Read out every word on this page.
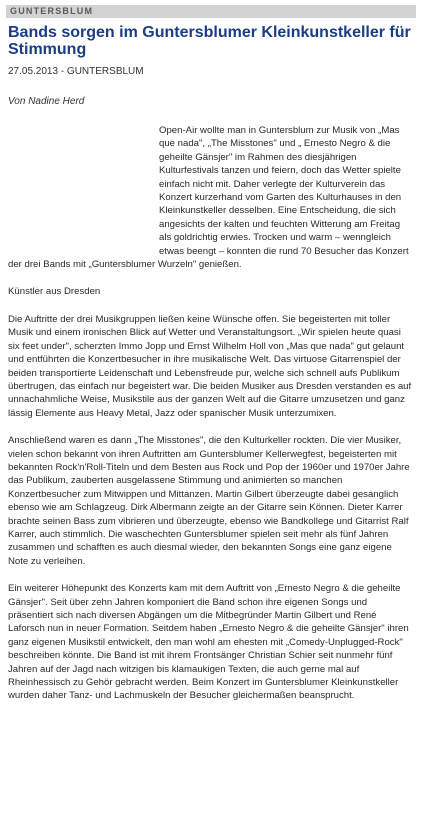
GUNTERSBLUM
Bands sorgen im Guntersblumer Kleinkunstkeller für Stimmung
27.05.2013 - GUNTERSBLUM
Von Nadine Herd

Open-Air wollte man in Guntersblum zur Musik von „Mas que nada", „The Misstones" und „ Ernesto Negro & die geheilte Gänsjer" im Rahmen des diesjährigen Kulturfestivals tanzen und feiern, doch das Wetter spielte einfach nicht mit. Daher verlegte der Kulturverein das Konzert kurzerhand vom Garten des Kulturhauses in den Kleinkunstkeller desselben. Eine Entscheidung, die sich angesichts der kalten und feuchten Witterung am Freitag als goldrichtig erwies. Trocken und warm – wenngleich etwas beengt – konnten die rund 70 Besucher das Konzert der drei Bands mit „Guntersblumer Wurzeln" genießen.

Künstler aus Dresden

Die Auftritte der drei Musikgruppen ließen keine Wünsche offen. Sie begeisterten mit toller Musik und einem ironischen Blick auf Wetter und Veranstaltungsort. „Wir spielen heute quasi six feet under", scherzten Immo Jopp und Ernst Wilhelm Holl von „Mas que nada" gut gelaunt und entführten die Konzertbesucher in ihre musikalische Welt. Das virtuose Gitarrenspiel der beiden transportierte Leidenschaft und Lebensfreude pur, welche sich schnell aufs Publikum übertrugen, das einfach nur begeistert war. Die beiden Musiker aus Dresden verstanden es auf unnachahmliche Weise, Musikstile aus der ganzen Welt auf die Gitarre umzusetzen und ganz lässig Elemente aus Heavy Metal, Jazz oder spanischer Musik unterzumixen.

Anschließend waren es dann „The Misstones", die den Kulturkeller rockten. Die vier Musiker, vielen schon bekannt von ihren Auftritten am Guntersblumer Kellerwegfest, begeisterten mit bekannten Rock'n'Roll-Titeln und dem Besten aus Rock und Pop der 1960er und 1970er Jahre das Publikum, zauberten ausgelassene Stimmung und animierten so manchen Konzertbesucher zum Mitwippen und Mittanzen. Martin Gilbert überzeugte dabei gesanglich ebenso wie am Schlagzeug. Dirk Albermann zeigte an der Gitarre sein Können. Dieter Karrer brachte seinen Bass zum vibrieren und überzeugte, ebenso wie Bandkollege und Gitarrist Ralf Karrer, auch stimmlich. Die waschechten Guntersblumer spielen seit mehr als fünf Jahren zusammen und schafften es auch diesmal wieder, den bekannten Songs eine ganz eigene Note zu verleihen.

Ein weiterer Höhepunkt des Konzerts kam mit dem Auftritt von „Ernesto Negro & die geheilte Gänsjer". Seit über zehn Jahren komponiert die Band schon ihre eigenen Songs und präsentiert sich nach diversen Abgängen um die Mitbegründer Martin Gilbert und René Laforsch nun in neuer Formation. Seitdem haben „Ernesto Negro & die geheilte Gänsjer" ihren ganz eigenen Musikstil entwickelt, den man wohl am ehesten mit „Comedy-Unplugged-Rock" beschreiben könnte. Die Band ist mit ihrem Frontsänger Christian Schier seit nunmehr fünf Jahren auf der Jagd nach witzigen bis klamaukigen Texten, die auch gerne mal auf Rheinhessisch zu Gehör gebracht werden. Beim Konzert im Guntersblumer Kleinkunstkeller wurden daher Tanz- und Lachmuskeln der Besucher gleichermaßen beansprucht.
